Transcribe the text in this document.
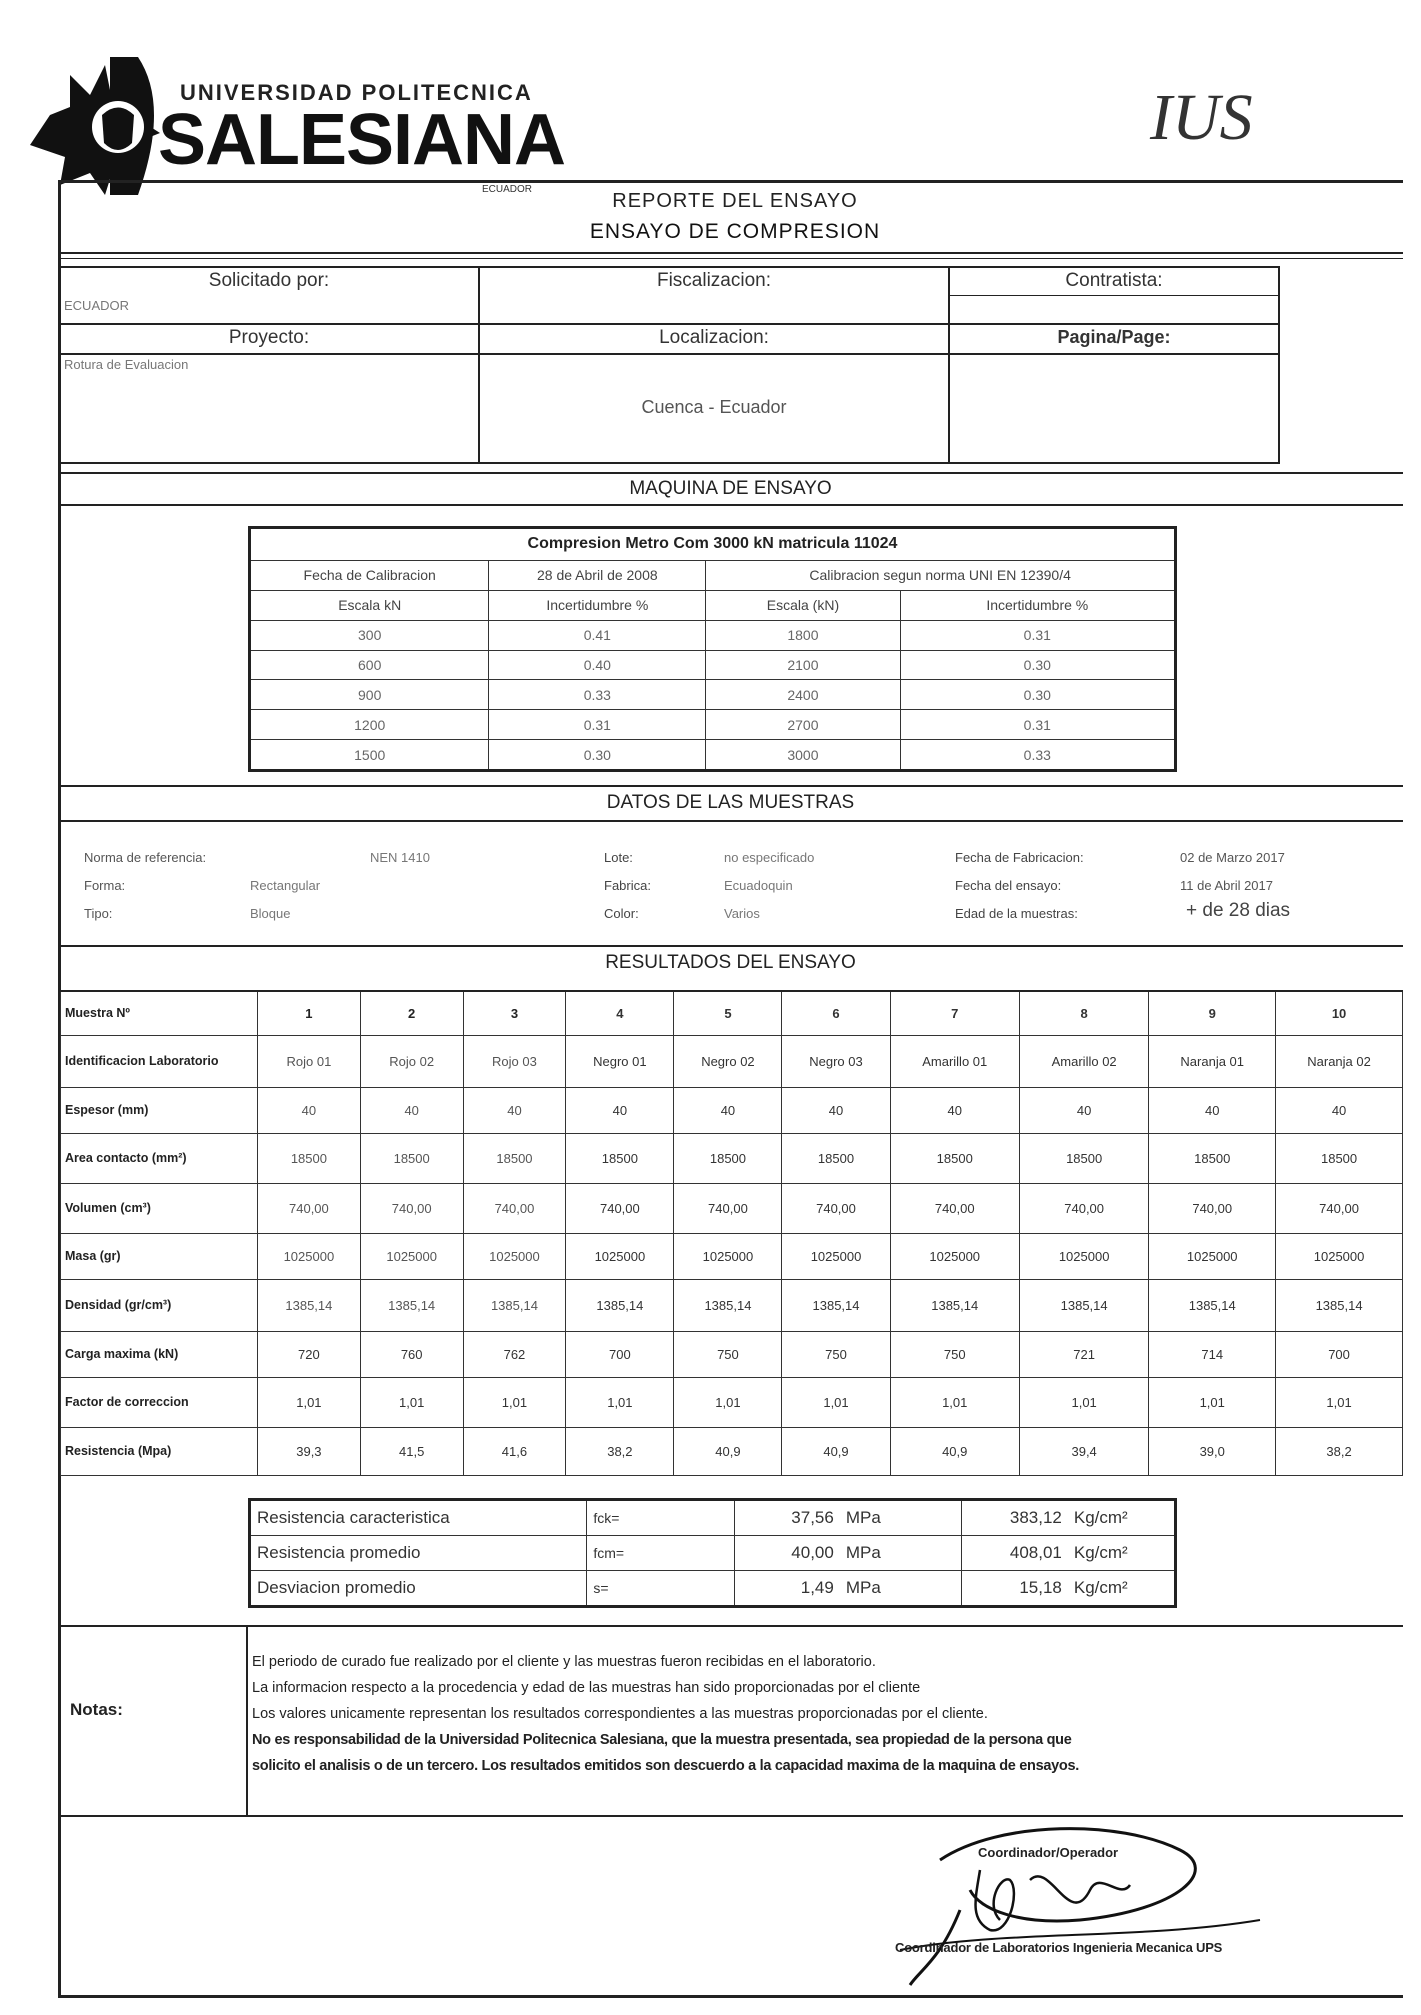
UNIVERSIDAD POLITECNICA
SALESIANA
ECUADOR
IUS
REPORTE DEL ENSAYO
ENSAYO DE COMPRESION
Solicitado por:
ECUADOR
Fiscalizacion:	Contratista:
Proyecto:
Rotura de Evaluacion
Localizacion:
Cuenca - Ecuador
Pagina/Page:
MAQUINA DE ENSAYO
Compresion Metro Com 3000 kN matricula 11024			
Fecha de Calibracion	28 de Abril de 2008	Calibracion segun norma UNI EN 12390/4	
Escala kN	Incertidumbre %	Escala (kN)	Incertidumbre %
300	0.41	1800	0.31
600	0.40	2100	0.30
900	0.33	2400	0.30
1200	0.31	2700	0.31
1500	0.30	3000	0.33
DATOS DE LAS MUESTRAS
Norma de referencia:	NEN 1410
Forma:	Rectangular
Tipo:	Bloque
Lote:	no especificado
Fabrica:	Ecuadoquin
Color:	Varios
Fecha de Fabricacion:	02 de Marzo 2017
Fecha del ensayo:	11 de Abril 2017
Edad de la muestras:	+ de 28 dias
RESULTADOS DEL ENSAYO
Muestra Nº	1	2	3	4	5	6	7	8	9	10
Identificacion Laboratorio	Rojo 01	Rojo 02	Rojo 03	Negro 01	Negro 02	Negro 03	Amarillo 01	Amarillo 02	Naranja 01	Naranja 02
Espesor (mm)	40	40	40	40	40	40	40	40	40	40
Area contacto (mm²)	18500	18500	18500	18500	18500	18500	18500	18500	18500	18500
Volumen (cm³)	740,00	740,00	740,00	740,00	740,00	740,00	740,00	740,00	740,00	740,00
Masa (gr)	1025000	1025000	1025000	1025000	1025000	1025000	1025000	1025000	1025000	1025000
Densidad (gr/cm³)	1385,14	1385,14	1385,14	1385,14	1385,14	1385,14	1385,14	1385,14	1385,14	1385,14
Carga maxima (kN)	720	760	762	700	750	750	750	721	714	700
Factor de correccion	1,01	1,01	1,01	1,01	1,01	1,01	1,01	1,01	1,01	1,01
Resistencia (Mpa)	39,3	41,5	41,6	38,2	40,9	40,9	40,9	39,4	39,0	38,2
Resistencia caracteristica	fck=	37,56	MPa	383,12	Kg/cm²
Resistencia promedio	fcm=	40,00	MPa	408,01	Kg/cm²
Desviacion promedio	s=	1,49	MPa	15,18	Kg/cm²
Notas:
El periodo de curado fue realizado por el cliente y las muestras fueron recibidas en el laboratorio.
La informacion respecto a la procedencia y edad de las muestras han sido proporcionadas por el cliente
Los valores unicamente representan los resultados correspondientes a las muestras proporcionadas por el cliente.
No es responsabilidad de la Universidad Politecnica Salesiana, que la muestra presentada, sea propiedad de la persona que
solicito el analisis o de un tercero. Los resultados emitidos son descuerdo a la capacidad maxima de la maquina de ensayos.
Coordinador/Operador
Coordinador de Laboratorios Ingenieria Mecanica UPS
